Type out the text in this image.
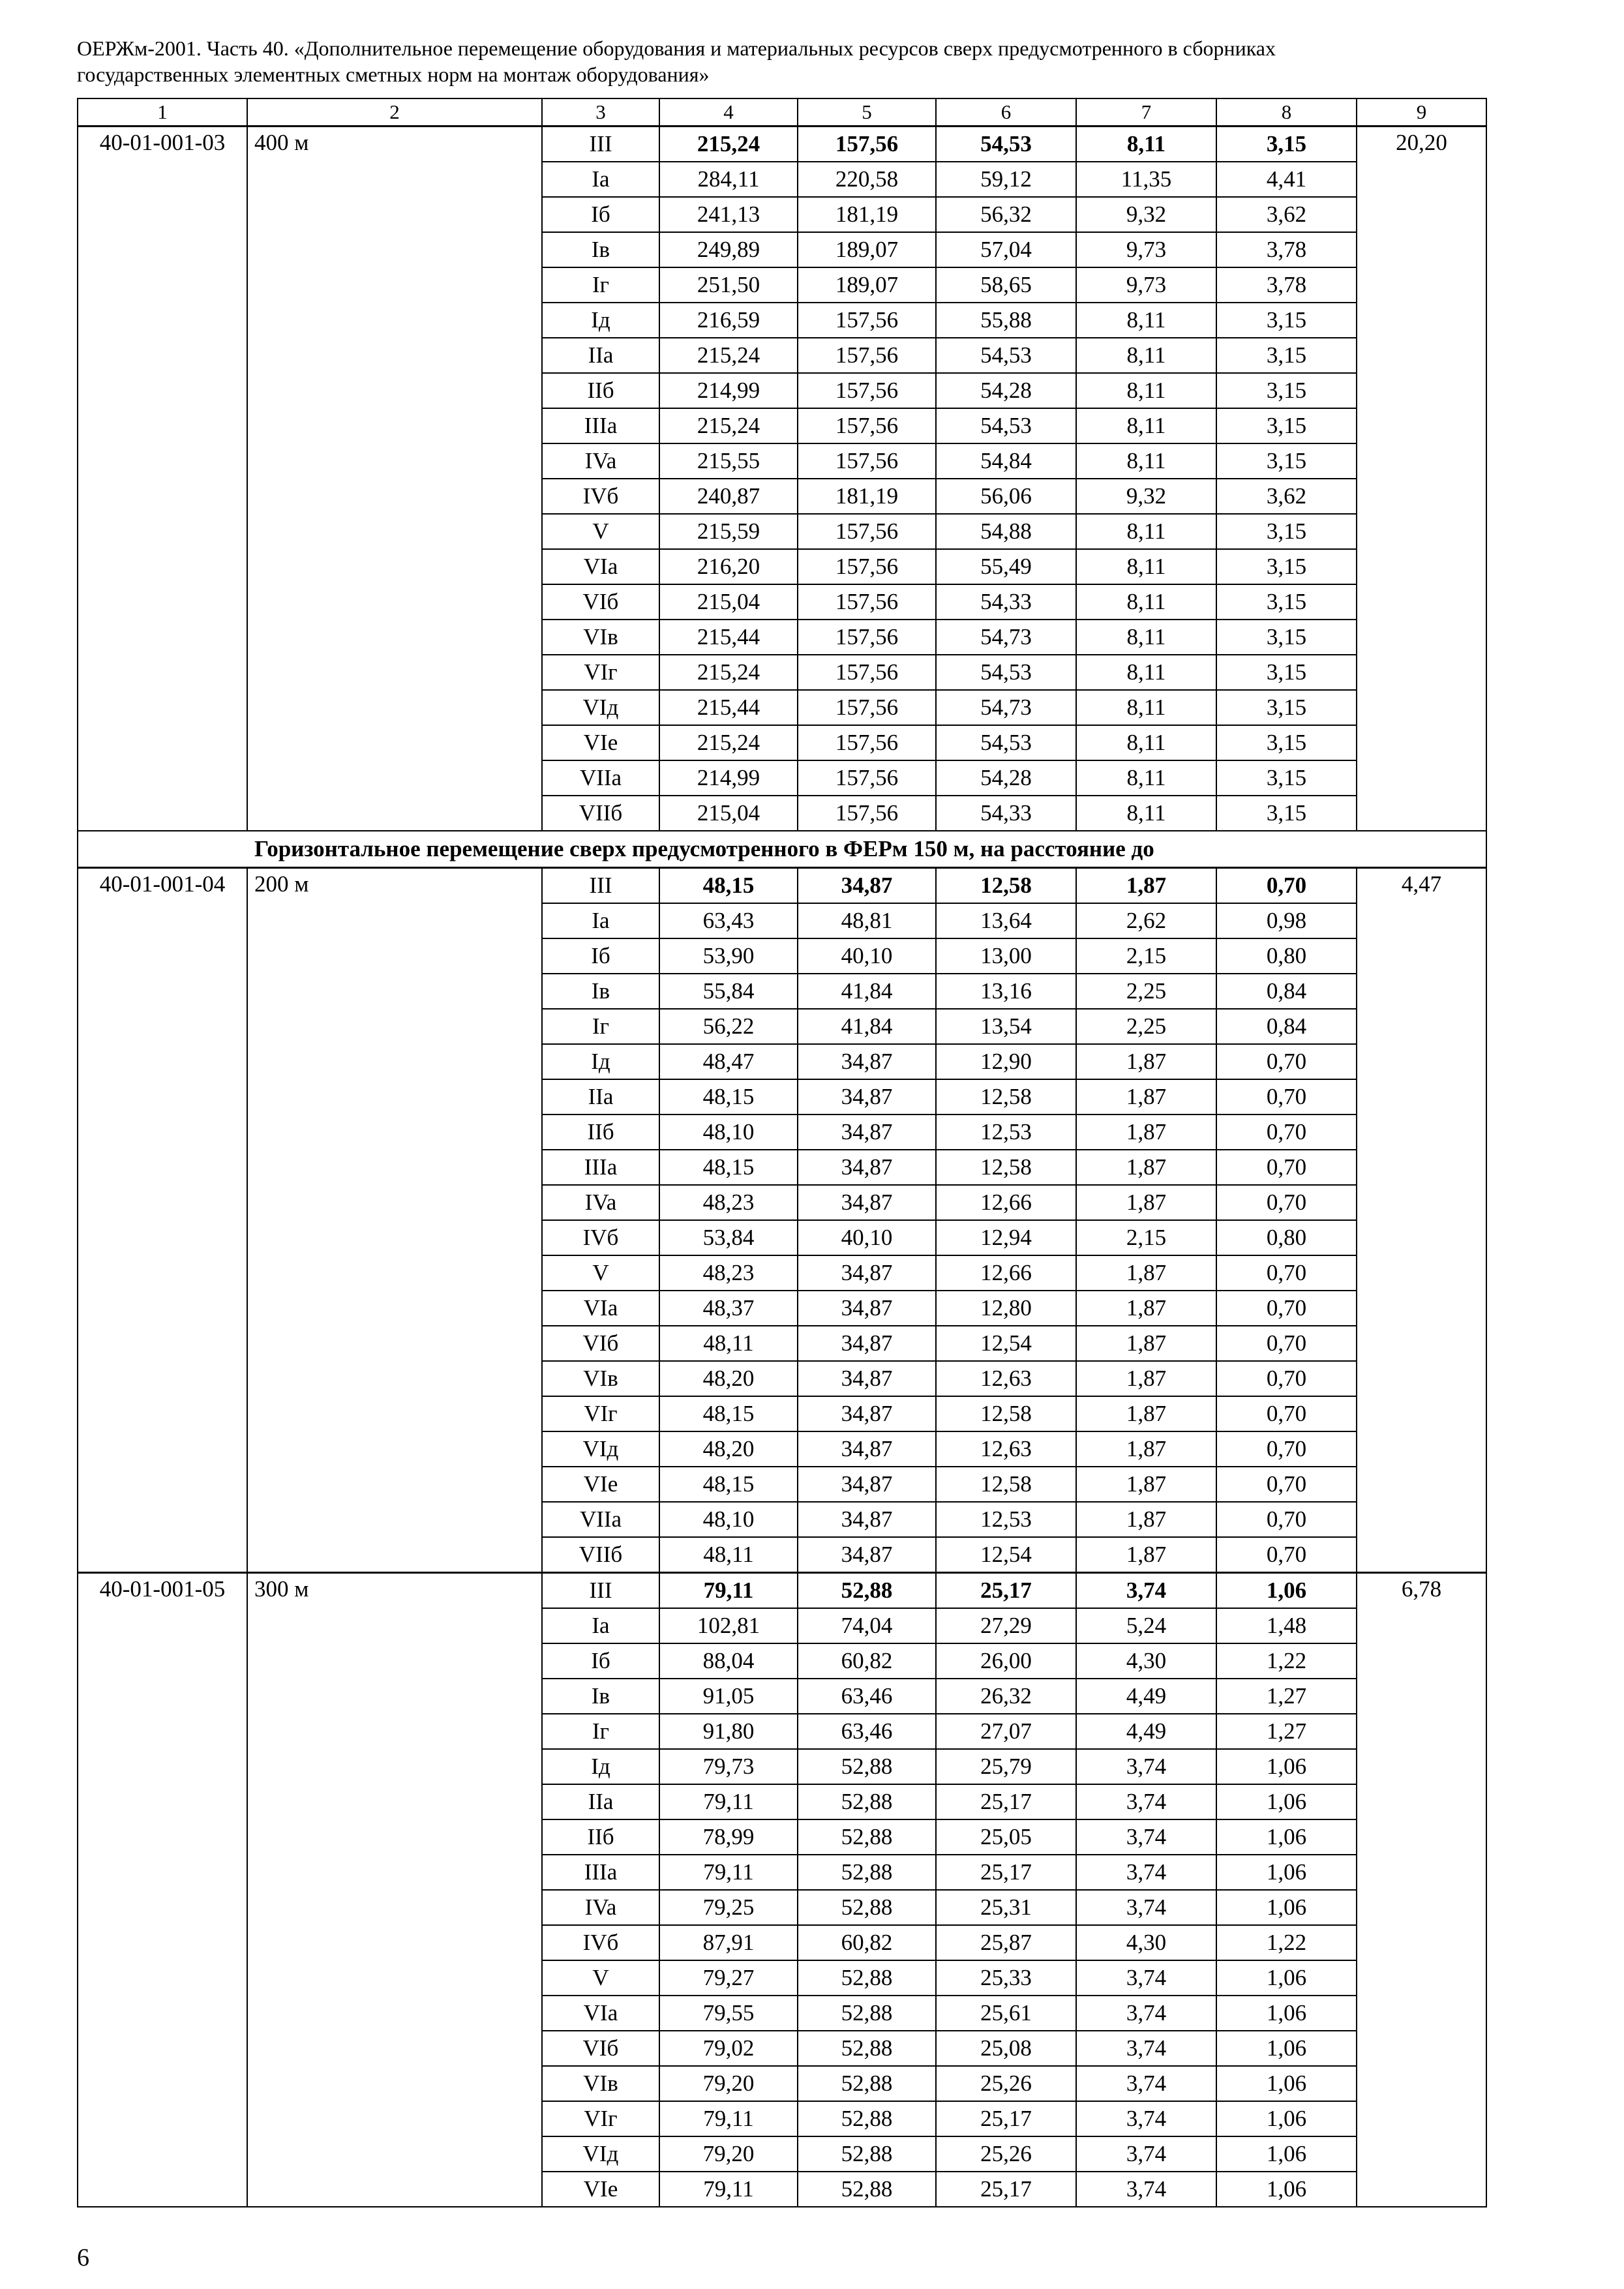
ОЕРЖм-2001. Часть 40. «Дополнительное перемещение оборудования и материальных ресурсов сверх предусмотренного в сборниках
государственных элементных сметных норм на монтаж оборудования»
1	2	3	4	5	6	7	8	9
40-01-001-03	400 м	III	215,24	157,56	54,53	8,11	3,15	20,20
		Ia	284,11	220,58	59,12	11,35	4,41	
		Iб	241,13	181,19	56,32	9,32	3,62	
		Iв	249,89	189,07	57,04	9,73	3,78	
		Iг	251,50	189,07	58,65	9,73	3,78	
		Iд	216,59	157,56	55,88	8,11	3,15	
		IIa	215,24	157,56	54,53	8,11	3,15	
		IIб	214,99	157,56	54,28	8,11	3,15	
		IIIa	215,24	157,56	54,53	8,11	3,15	
		IVa	215,55	157,56	54,84	8,11	3,15	
		IVб	240,87	181,19	56,06	9,32	3,62	
		V	215,59	157,56	54,88	8,11	3,15	
		VIa	216,20	157,56	55,49	8,11	3,15	
		VIб	215,04	157,56	54,33	8,11	3,15	
		VIв	215,44	157,56	54,73	8,11	3,15	
		VIг	215,24	157,56	54,53	8,11	3,15	
		VIд	215,44	157,56	54,73	8,11	3,15	
		VIe	215,24	157,56	54,53	8,11	3,15	
		VIIa	214,99	157,56	54,28	8,11	3,15	
		VIIб	215,04	157,56	54,33	8,11	3,15	
Горизонтальное перемещение сверх предусмотренного в ФЕРм 150 м, на расстояние до								
40-01-001-04	200 м	III	48,15	34,87	12,58	1,87	0,70	4,47
		Ia	63,43	48,81	13,64	2,62	0,98	
		Iб	53,90	40,10	13,00	2,15	0,80	
		Iв	55,84	41,84	13,16	2,25	0,84	
		Iг	56,22	41,84	13,54	2,25	0,84	
		Iд	48,47	34,87	12,90	1,87	0,70	
		IIa	48,15	34,87	12,58	1,87	0,70	
		IIб	48,10	34,87	12,53	1,87	0,70	
		IIIa	48,15	34,87	12,58	1,87	0,70	
		IVa	48,23	34,87	12,66	1,87	0,70	
		IVб	53,84	40,10	12,94	2,15	0,80	
		V	48,23	34,87	12,66	1,87	0,70	
		VIa	48,37	34,87	12,80	1,87	0,70	
		VIб	48,11	34,87	12,54	1,87	0,70	
		VIв	48,20	34,87	12,63	1,87	0,70	
		VIг	48,15	34,87	12,58	1,87	0,70	
		VIд	48,20	34,87	12,63	1,87	0,70	
		VIe	48,15	34,87	12,58	1,87	0,70	
		VIIa	48,10	34,87	12,53	1,87	0,70	
		VIIб	48,11	34,87	12,54	1,87	0,70	
40-01-001-05	300 м	III	79,11	52,88	25,17	3,74	1,06	6,78
		Ia	102,81	74,04	27,29	5,24	1,48	
		Iб	88,04	60,82	26,00	4,30	1,22	
		Iв	91,05	63,46	26,32	4,49	1,27	
		Iг	91,80	63,46	27,07	4,49	1,27	
		Iд	79,73	52,88	25,79	3,74	1,06	
		IIa	79,11	52,88	25,17	3,74	1,06	
		IIб	78,99	52,88	25,05	3,74	1,06	
		IIIa	79,11	52,88	25,17	3,74	1,06	
		IVa	79,25	52,88	25,31	3,74	1,06	
		IVб	87,91	60,82	25,87	4,30	1,22	
		V	79,27	52,88	25,33	3,74	1,06	
		VIa	79,55	52,88	25,61	3,74	1,06	
		VIб	79,02	52,88	25,08	3,74	1,06	
		VIв	79,20	52,88	25,26	3,74	1,06	
		VIг	79,11	52,88	25,17	3,74	1,06	
		VIд	79,20	52,88	25,26	3,74	1,06	
		VIe	79,11	52,88	25,17	3,74	1,06	
6
